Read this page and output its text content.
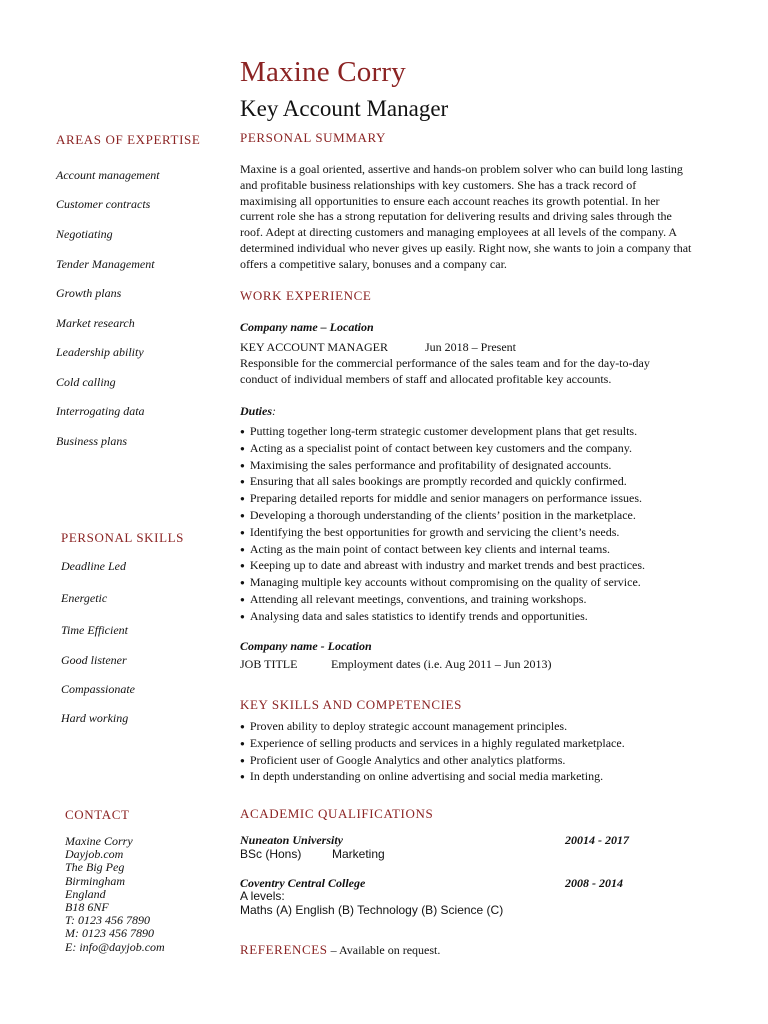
Maxine Corry
Key Account Manager
AREAS OF EXPERTISE
Account management
Customer contracts
Negotiating
Tender Management
Growth plans
Market research
Leadership ability
Cold calling
Interrogating data
Business plans
PERSONAL SKILLS
Deadline Led
Energetic
Time Efficient
Good listener
Compassionate
Hard working
CONTACT
Maxine Corry
Dayjob.com
The Big Peg
Birmingham
England
B18 6NF
T: 0123 456 7890
M: 0123 456 7890
E: info@dayjob.com
PERSONAL SUMMARY
Maxine is a goal oriented, assertive and hands-on problem solver who can build long lasting and profitable business relationships with key customers. She has a track record of maximising all opportunities to ensure each account reaches its growth potential. In her current role she has a strong reputation for delivering results and driving sales through the roof. Adept at directing customers and managing employees at all levels of the company. A determined individual who never gives up easily. Right now, she wants to join a company that offers a competitive salary, bonuses and a company car.
WORK EXPERIENCE
Company name – Location
KEY ACCOUNT MANAGER	Jun 2018 – Present
Responsible for the commercial performance of the sales team and for the day-to-day conduct of individual members of staff and allocated profitable key accounts.
Duties:
● Putting together long-term strategic customer development plans that get results.
● Acting as a specialist point of contact between key customers and the company.
● Maximising the sales performance and profitability of designated accounts.
● Ensuring that all sales bookings are promptly recorded and quickly confirmed.
● Preparing detailed reports for middle and senior managers on performance issues.
● Developing a thorough understanding of the clients’ position in the marketplace.
● Identifying the best opportunities for growth and servicing the client’s needs.
● Acting as the main point of contact between key clients and internal teams.
● Keeping up to date and abreast with industry and market trends and best practices.
● Managing multiple key accounts without compromising on the quality of service.
● Attending all relevant meetings, conventions, and training workshops.
● Analysing data and sales statistics to identify trends and opportunities.
Company name - Location
JOB TITLE	Employment dates (i.e. Aug 2011 – Jun 2013)
KEY SKILLS AND COMPETENCIES
● Proven ability to deploy strategic account management principles.
● Experience of selling products and services in a highly regulated marketplace.
● Proficient user of Google Analytics and other analytics platforms.
● In depth understanding on online advertising and social media marketing.
ACADEMIC QUALIFICATIONS
Nuneaton University	20014 - 2017
BSc (Hons)	Marketing
Coventry Central College	2008 - 2014
A levels:
Maths (A) English (B) Technology (B) Science (C)
REFERENCES – Available on request.
